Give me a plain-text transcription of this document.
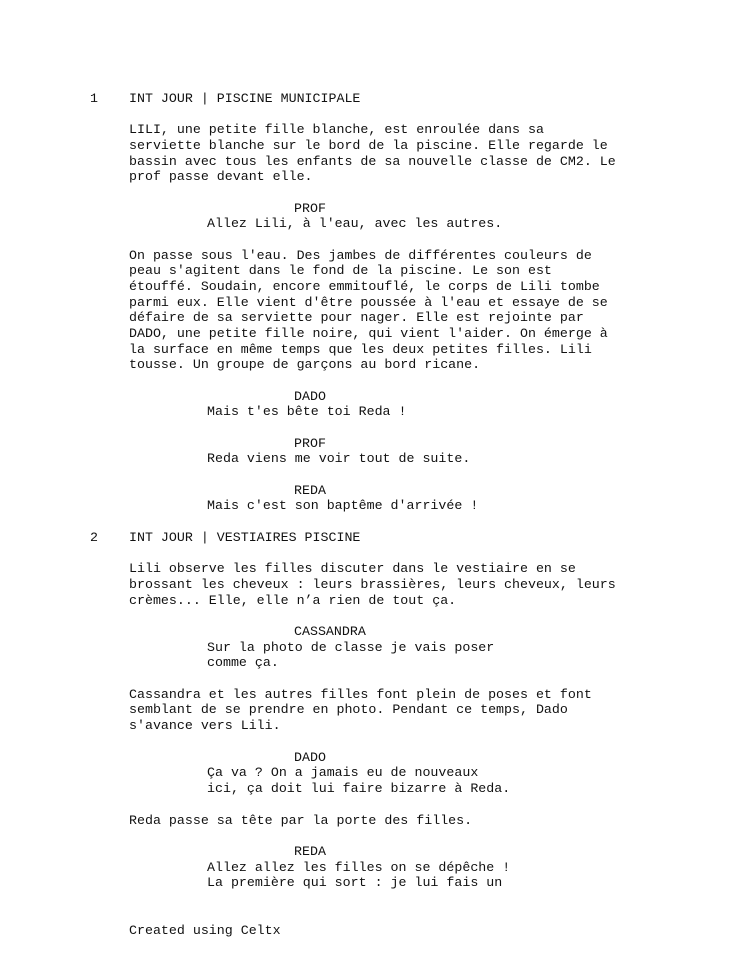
1 INT JOUR | PISCINE MUNICIPALE
LILI, une petite fille blanche, est enroulée dans sa
serviette blanche sur le bord de la piscine. Elle regarde le
bassin avec tous les enfants de sa nouvelle classe de CM2. Le
prof passe devant elle.
PROF
Allez Lili, à l'eau, avec les autres.
On passe sous l'eau. Des jambes de différentes couleurs de
peau s'agitent dans le fond de la piscine. Le son est
étouffé. Soudain, encore emmitouflé, le corps de Lili tombe
parmi eux. Elle vient d'être poussée à l'eau et essaye de se
défaire de sa serviette pour nager. Elle est rejointe par
DADO, une petite fille noire, qui vient l'aider. On émerge à
la surface en même temps que les deux petites filles. Lili
tousse. Un groupe de garçons au bord ricane.
DADO
Mais t'es bête toi Reda !
PROF
Reda viens me voir tout de suite.
REDA
Mais c'est son baptême d'arrivée !
2 INT JOUR | VESTIAIRES PISCINE
Lili observe les filles discuter dans le vestiaire en se
brossant les cheveux : leurs brassières, leurs cheveux, leurs
crèmes... Elle, elle n’a rien de tout ça.
CASSANDRA
Sur la photo de classe je vais poser
comme ça.
Cassandra et les autres filles font plein de poses et font
semblant de se prendre en photo. Pendant ce temps, Dado
s'avance vers Lili.
DADO
Ça va ? On a jamais eu de nouveaux
ici, ça doit lui faire bizarre à Reda.
Reda passe sa tête par la porte des filles.
REDA
Allez allez les filles on se dépêche !
La première qui sort : je lui fais un
Created using Celtx
